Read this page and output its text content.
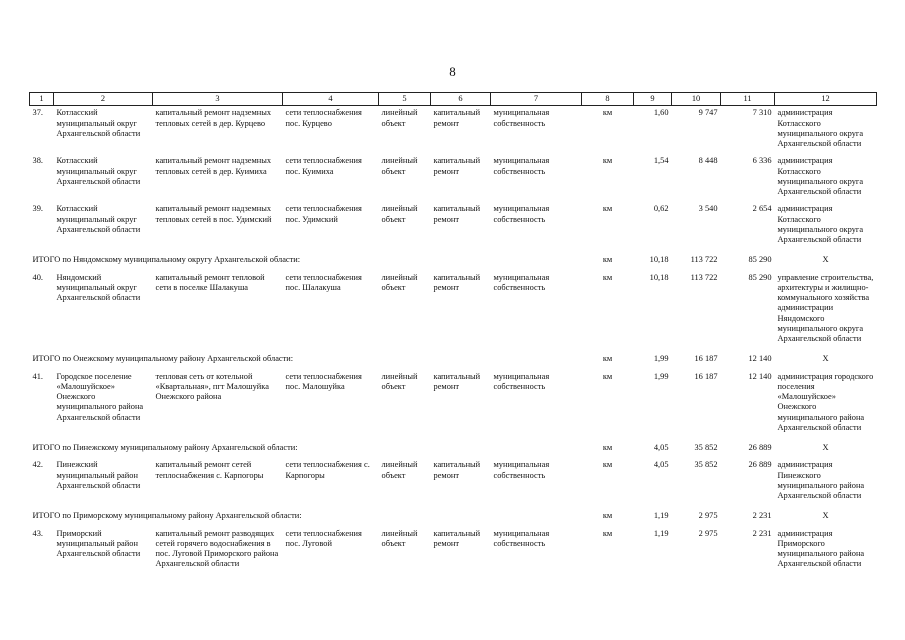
8
1	2	3	4	5	6	7	8	9	10	11	12
37.	Котласский муниципальный округ Архангельской области	капитальный ремонт надземных тепловых сетей в дер. Курцево	сети теплоснабжения пос. Курцево	линейный объект	капитальный ремонт	муниципальная собственность	км	1,60	9 747	7 310	администрация Котласского муниципального округа Архангельской области
38.	Котласский муниципальный округ Архангельской области	капитальный ремонт надземных тепловых сетей в дер. Куимиха	сети теплоснабжения пос. Куимиха	линейный объект	капитальный ремонт	муниципальная собственность	км	1,54	8 448	6 336	администрация Котласского муниципального округа Архангельской области
39.	Котласский муниципальный округ Архангельской области	капитальный ремонт надземных тепловых сетей в пос. Удимский	сети теплоснабжения пос. Удимский	линейный объект	капитальный ремонт	муниципальная собственность	км	0,62	3 540	2 654	администрация Котласского муниципального округа Архангельской области
ИТОГО по Няндомскому муниципальному округу Архангельской области:							км	10,18	113 722	85 290	Х
40.	Няндомский муниципальный округ Архангельской области	капитальный ремонт тепловой сети в поселке Шалакуша	сети теплоснабжения пос. Шалакуша	линейный объект	капитальный ремонт	муниципальная собственность	км	10,18	113 722	85 290	управление строительства, архитектуры и жилищно-коммунального хозяйства администрации Няндомского муниципального округа Архангельской области
ИТОГО по Онежскому муниципальному району Архангельской области:							км	1,99	16 187	12 140	Х
41.	Городское поселение «Малошуйское» Онежского муниципального района Архангельской области	тепловая сеть от котельной «Квартальная», пгт Малошуйка Онежского района	сети теплоснабжения пос. Малошуйка	линейный объект	капитальный ремонт	муниципальная собственность	км	1,99	16 187	12 140	администрация городского поселения «Малошуйское» Онежского муниципального района Архангельской области
ИТОГО по Пинежскому муниципальному району Архангельской области:							км	4,05	35 852	26 889	Х
42.	Пинежский муниципальный район Архангельской области	капитальный ремонт сетей теплоснабжения с. Карпогоры	сети теплоснабжения с. Карпогоры	линейный объект	капитальный ремонт	муниципальная собственность	км	4,05	35 852	26 889	администрация Пинежского муниципального района Архангельской области
ИТОГО по Приморскому муниципальному району Архангельской области:							км	1,19	2 975	2 231	Х
43.	Приморский муниципальный район Архангельской области	капитальный ремонт разводящих сетей горячего водоснабжения в пос. Луговой Приморского района Архангельской области	сети теплоснабжения пос. Луговой	линейный объект	капитальный ремонт	муниципальная собственность	км	1,19	2 975	2 231	администрация Приморского муниципального района Архангельской области
